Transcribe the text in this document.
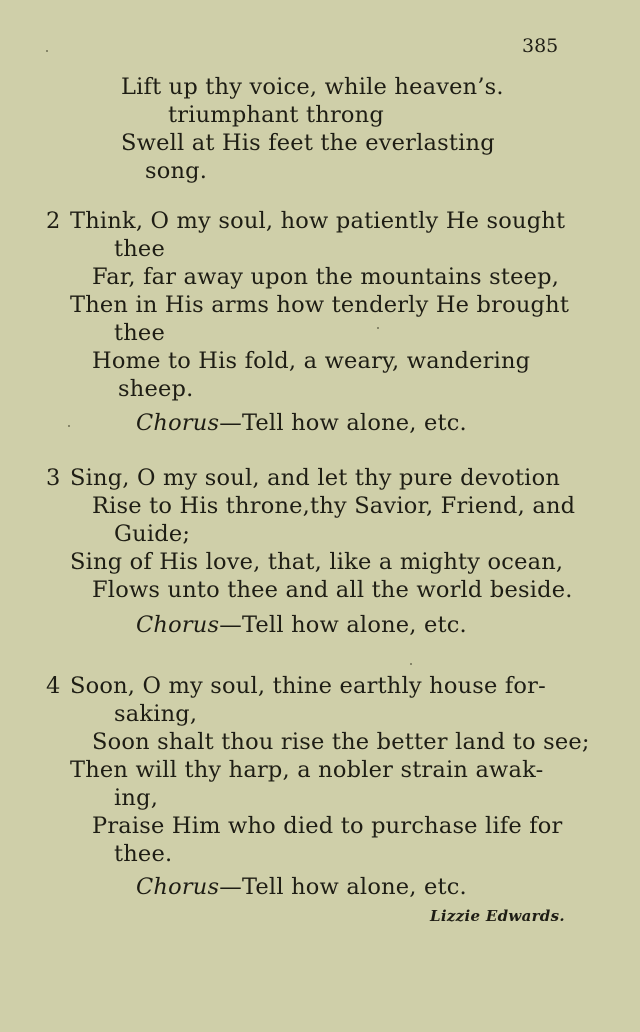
385
Lift up thy voice, while heaven’s.
triumphant throng
Swell at His feet the everlasting
song.
2 Think, O my soul, how patiently He sought
thee
Far, far away upon the mountains steep,
Then in His arms how tenderly He brought
thee
Home to His fold, a weary, wandering
sheep.
Chorus—Tell how alone, etc.
3 Sing, O my soul, and let thy pure devotion
Rise to His throne,thy Savior, Friend, and
Guide;
Sing of His love, that, like a mighty ocean,
Flows unto thee and all the world beside.
Chorus—Tell how alone, etc.
4 Soon, O my soul, thine earthly house for-
saking,
Soon shalt thou rise the better land to see;
Then will thy harp, a nobler strain awak-
ing,
Praise Him who died to purchase life for
thee.
Chorus—Tell how alone, etc.
Lizzie Edwards.
